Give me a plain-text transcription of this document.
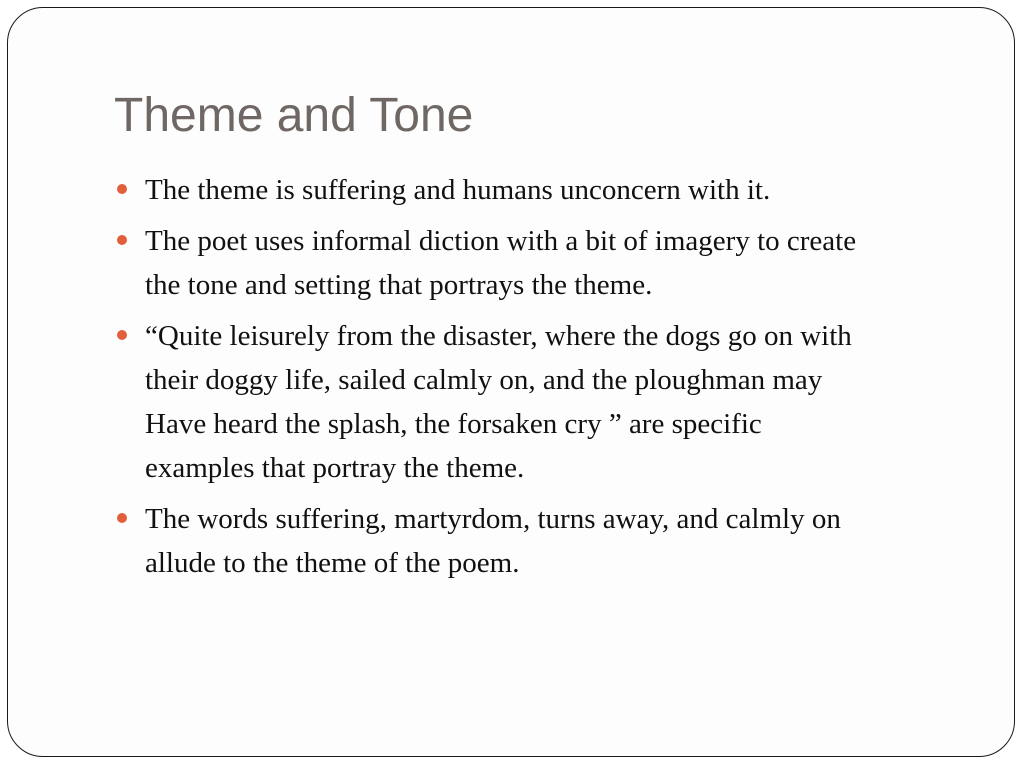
Theme and Tone
The theme is suffering and humans unconcern with it.
The poet uses informal diction with a bit of imagery to create
the tone and setting that portrays the theme.
“Quite leisurely from the disaster, where the dogs go on with
their doggy life, sailed calmly on, and the ploughman may
Have heard the splash, the forsaken cry ” are specific
examples that portray the theme.
The words suffering, martyrdom, turns away, and calmly on
allude to the theme of the poem.
